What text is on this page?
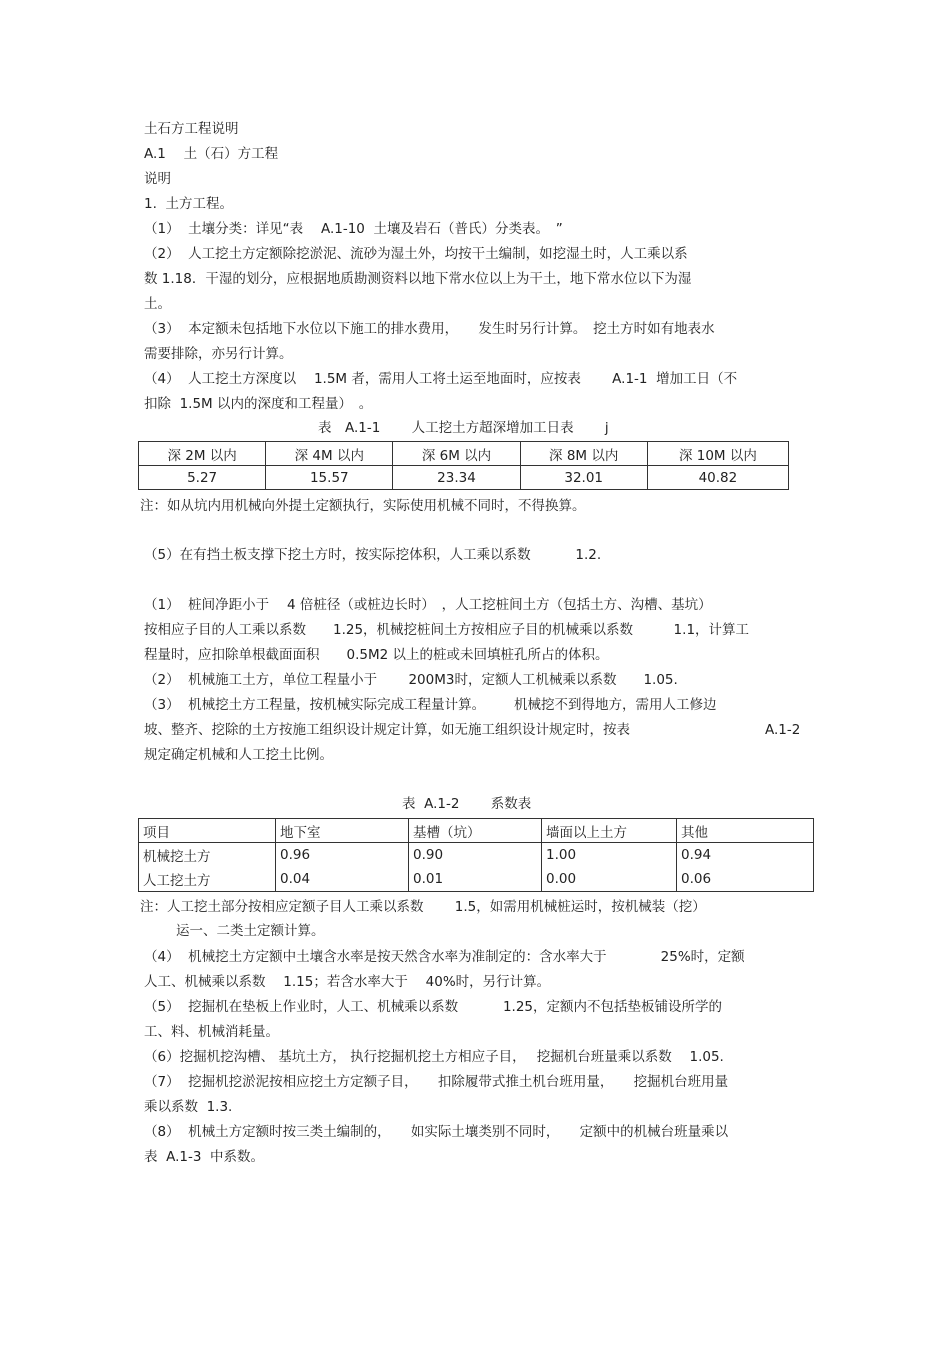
土石方工程说明
A.1　 土（石）方工程
说明
1.  土方工程。
（1）  土壤分类：详见“表　 A.1-10  土壤及岩石（普氏）分类表。　”
（2）  人工挖土方定额除挖淤泥、流砂为湿土外，均按干土编制，如挖湿土时，人工乘以系
数 1.18．干湿的划分，应根据地质勘测资料以地下常水位以上为干土，地下常水位以下为湿
土。
（3）  本定额未包括地下水位以下施工的排水费用，　　发生时另行计算。　挖土方时如有地表水
需要排除，亦另行计算。
（4）  人工挖土方深度以　 1.5M 者，需用人工将土运至地面时，应按表　　 A.1-1  增加工日（不
扣除  1.5M 以内的深度和工程量）　。
表　A.1-1　　 人工挖土方超深增加工日表　　 j
深 2M 以内	深 4M 以内	深 6M 以内	深 8M 以内	深 10M 以内
5.27	15.57	23.34	32.01	40.82
注：如从坑内用机械向外提土定额执行，实际使用机械不同时，不得换算。
（5）在有挡土板支撑下挖土方时，按实际挖体积，人工乘以系数　　　 1.2.
（1）  桩间净距小于　 4 倍桩径（或桩边长时）　，人工挖桩间土方（包括土方、沟槽、基坑）
按相应子目的人工乘以系数　　1.25，机械挖桩间土方按相应子目的机械乘以系数　　　1.1，计算工
程量时，应扣除单根截面面积　　0.5M2 以上的桩或未回填桩孔所占的体积。
（2）  机械施工土方，单位工程量小于　　 200M3时，定额人工机械乘以系数　　1.05.
（3）  机械挖土方工程量，按机械实际完成工程量计算。　　  机械挖不到得地方，需用人工修边
坡、整齐、挖除的土方按施工组织设计规定计算，如无施工组织设计规定时，按表	A.1-2
规定确定机械和人工挖土比例。
表  A.1-2　　 系数表
项目	地下室	基槽（坑）	墙面以上土方	其他
机械挖土方	0.96	0.90	1.00	0.94
人工挖土方	0.04	0.01	0.00	0.06
注：人工挖土部分按相应定额子目人工乘以系数　　 1.5，如需用机械桩运时，按机械装（挖）
运一、二类土定额计算。
（4）  机械挖土方定额中土壤含水率是按天然含水率为准制定的：含水率大于　　　　25%时，定额
人工、机械乘以系数　 1.15；若含水率大于　 40%时，另行计算。
（5）  挖掘机在垫板上作业时，人工、机械乘以系数　　　 1.25，定额内不包括垫板铺设所学的
工、料、机械消耗量。
（6）挖掘机挖沟槽、 基坑土方， 执行挖掘机挖土方相应子目，　 挖掘机台班量乘以系数　 1.05.
（7）  挖掘机挖淤泥按相应挖土方定额子目，　　扣除履带式推土机台班用量，　　挖掘机台班用量
乘以系数  1.3.
（8）  机械土方定额时按三类土编制的，　　如实际土壤类别不同时，　　定额中的机械台班量乘以
表  A.1-3  中系数。
